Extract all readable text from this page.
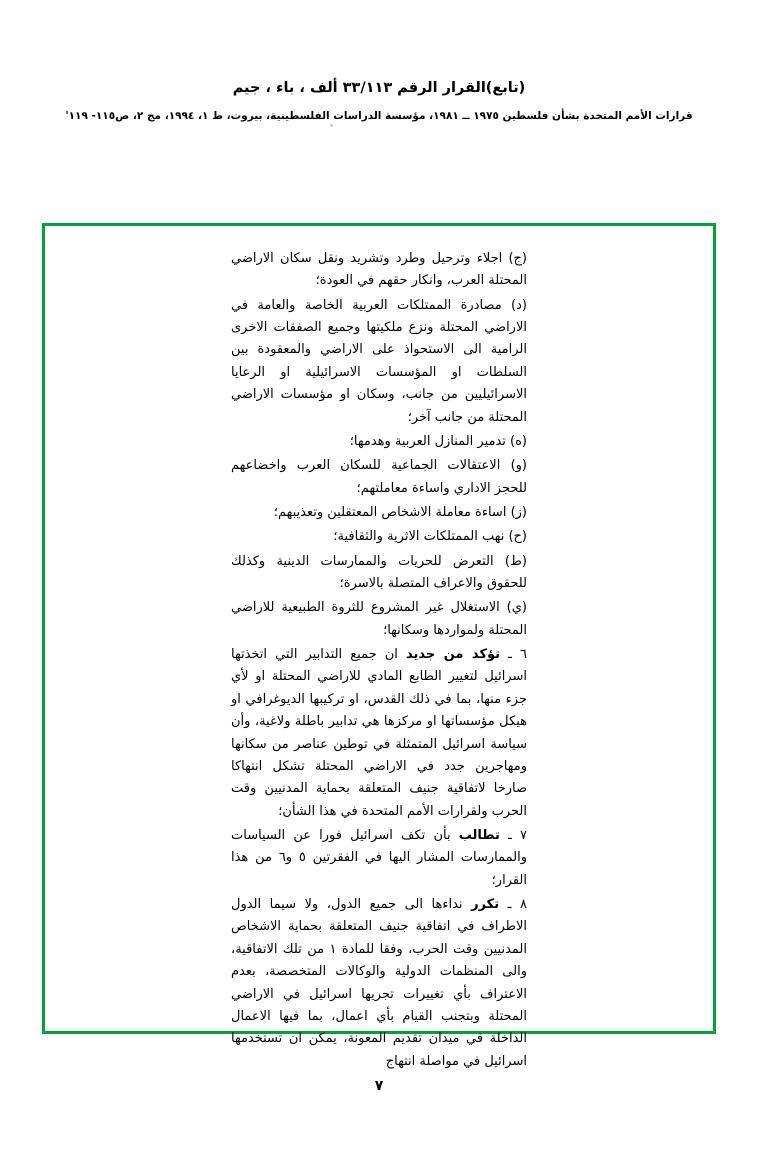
(تابع)القرار الرقم ٣٣/١١٣ ألف ، باء ، جيم
قرارات الأمم المتحدة بشأن فلسطين ١٩٧٥ ــ ١٩٨١، مؤسسة الدراسات الفلسطينية، بيروت، ط ١، ١٩٩٤، مج ٢، ص١١٥- ١١٩'

(ج) اجلاء وترحيل وطرد وتشريد ونقل سكان الاراضي المحتلة العرب، وانكار حقهم في العودة؛

(د) مصادرة الممتلكات العربية الخاصة والعامة في الاراضي المحتلة ونزع ملكيتها وجميع الصفقات الاخرى الرامية الى الاستحواذ على الاراضي والمعقودة بين السلطات او المؤسسات الاسرائيلية او الرعايا الاسرائيليين من جانب، وسكان او مؤسسات الاراضي المحتلة من جانب آخر؛

(ه) تدمير المنازل العربية وهدمها؛

(و) الاعتقالات الجماعية للسكان العرب واخضاعهم للحجز الاداري واساءة معاملتهم؛

(ز) اساءة معاملة الاشخاص المعتقلين وتعذيبهم؛

(ح) نهب الممتلكات الاثرية والثقافية؛

(ط) التعرض للحريات والممارسات الدينية وكذلك للحقوق والاعراف المتصلة بالاسرة؛

(ي) الاستغلال غير المشروع للثروة الطبيعية للاراضي المحتلة ولمواردها وسكانها؛

٦ ـ تؤكد من جديد ان جميع التدابير التي اتخذتها اسرائيل لتغيير الطابع المادي للاراضي المحتلة او لأي جزء منها، بما في ذلك القدس، او تركيبها الديوغرافي او هيكل مؤسساتها او مركزها هي تدابير باطلة ولاغية، وأن سياسة اسرائيل المتمثلة في توطين عناصر من سكانها ومهاجرين جدد في الاراضي المحتلة تشكل انتهاكا صارخا لاتفاقية جنيف المتعلقة بحماية المدنيين وقت الحرب ولقرارات الأمم المتحدة في هذا الشأن؛

٧ ـ تطالب بأن تكف اسرائيل فورا عن السياسات والممارسات المشار اليها في الفقرتين ٥ و٦ من هذا القرار؛

٨ ـ تكرر نداءها الى جميع الدول، ولا سيما الدول الاطراف في اتفاقية جنيف المتعلقة بحماية الاشخاص المدنيين وقت الحرب، وفقا للمادة ١ من تلك الاتفاقية، والى المنظمات الدولية والوكالات المتخصصة، بعدم الاعتراف بأي تغييرات تجريها اسرائيل في الاراضي المحتلة وبتجنب القيام بأي اعمال، بما فيها الاعمال الداخلة في ميدان تقديم المعونة، يمكن ان تستخدمها اسرائيل في مواصلة انتهاج

٧
